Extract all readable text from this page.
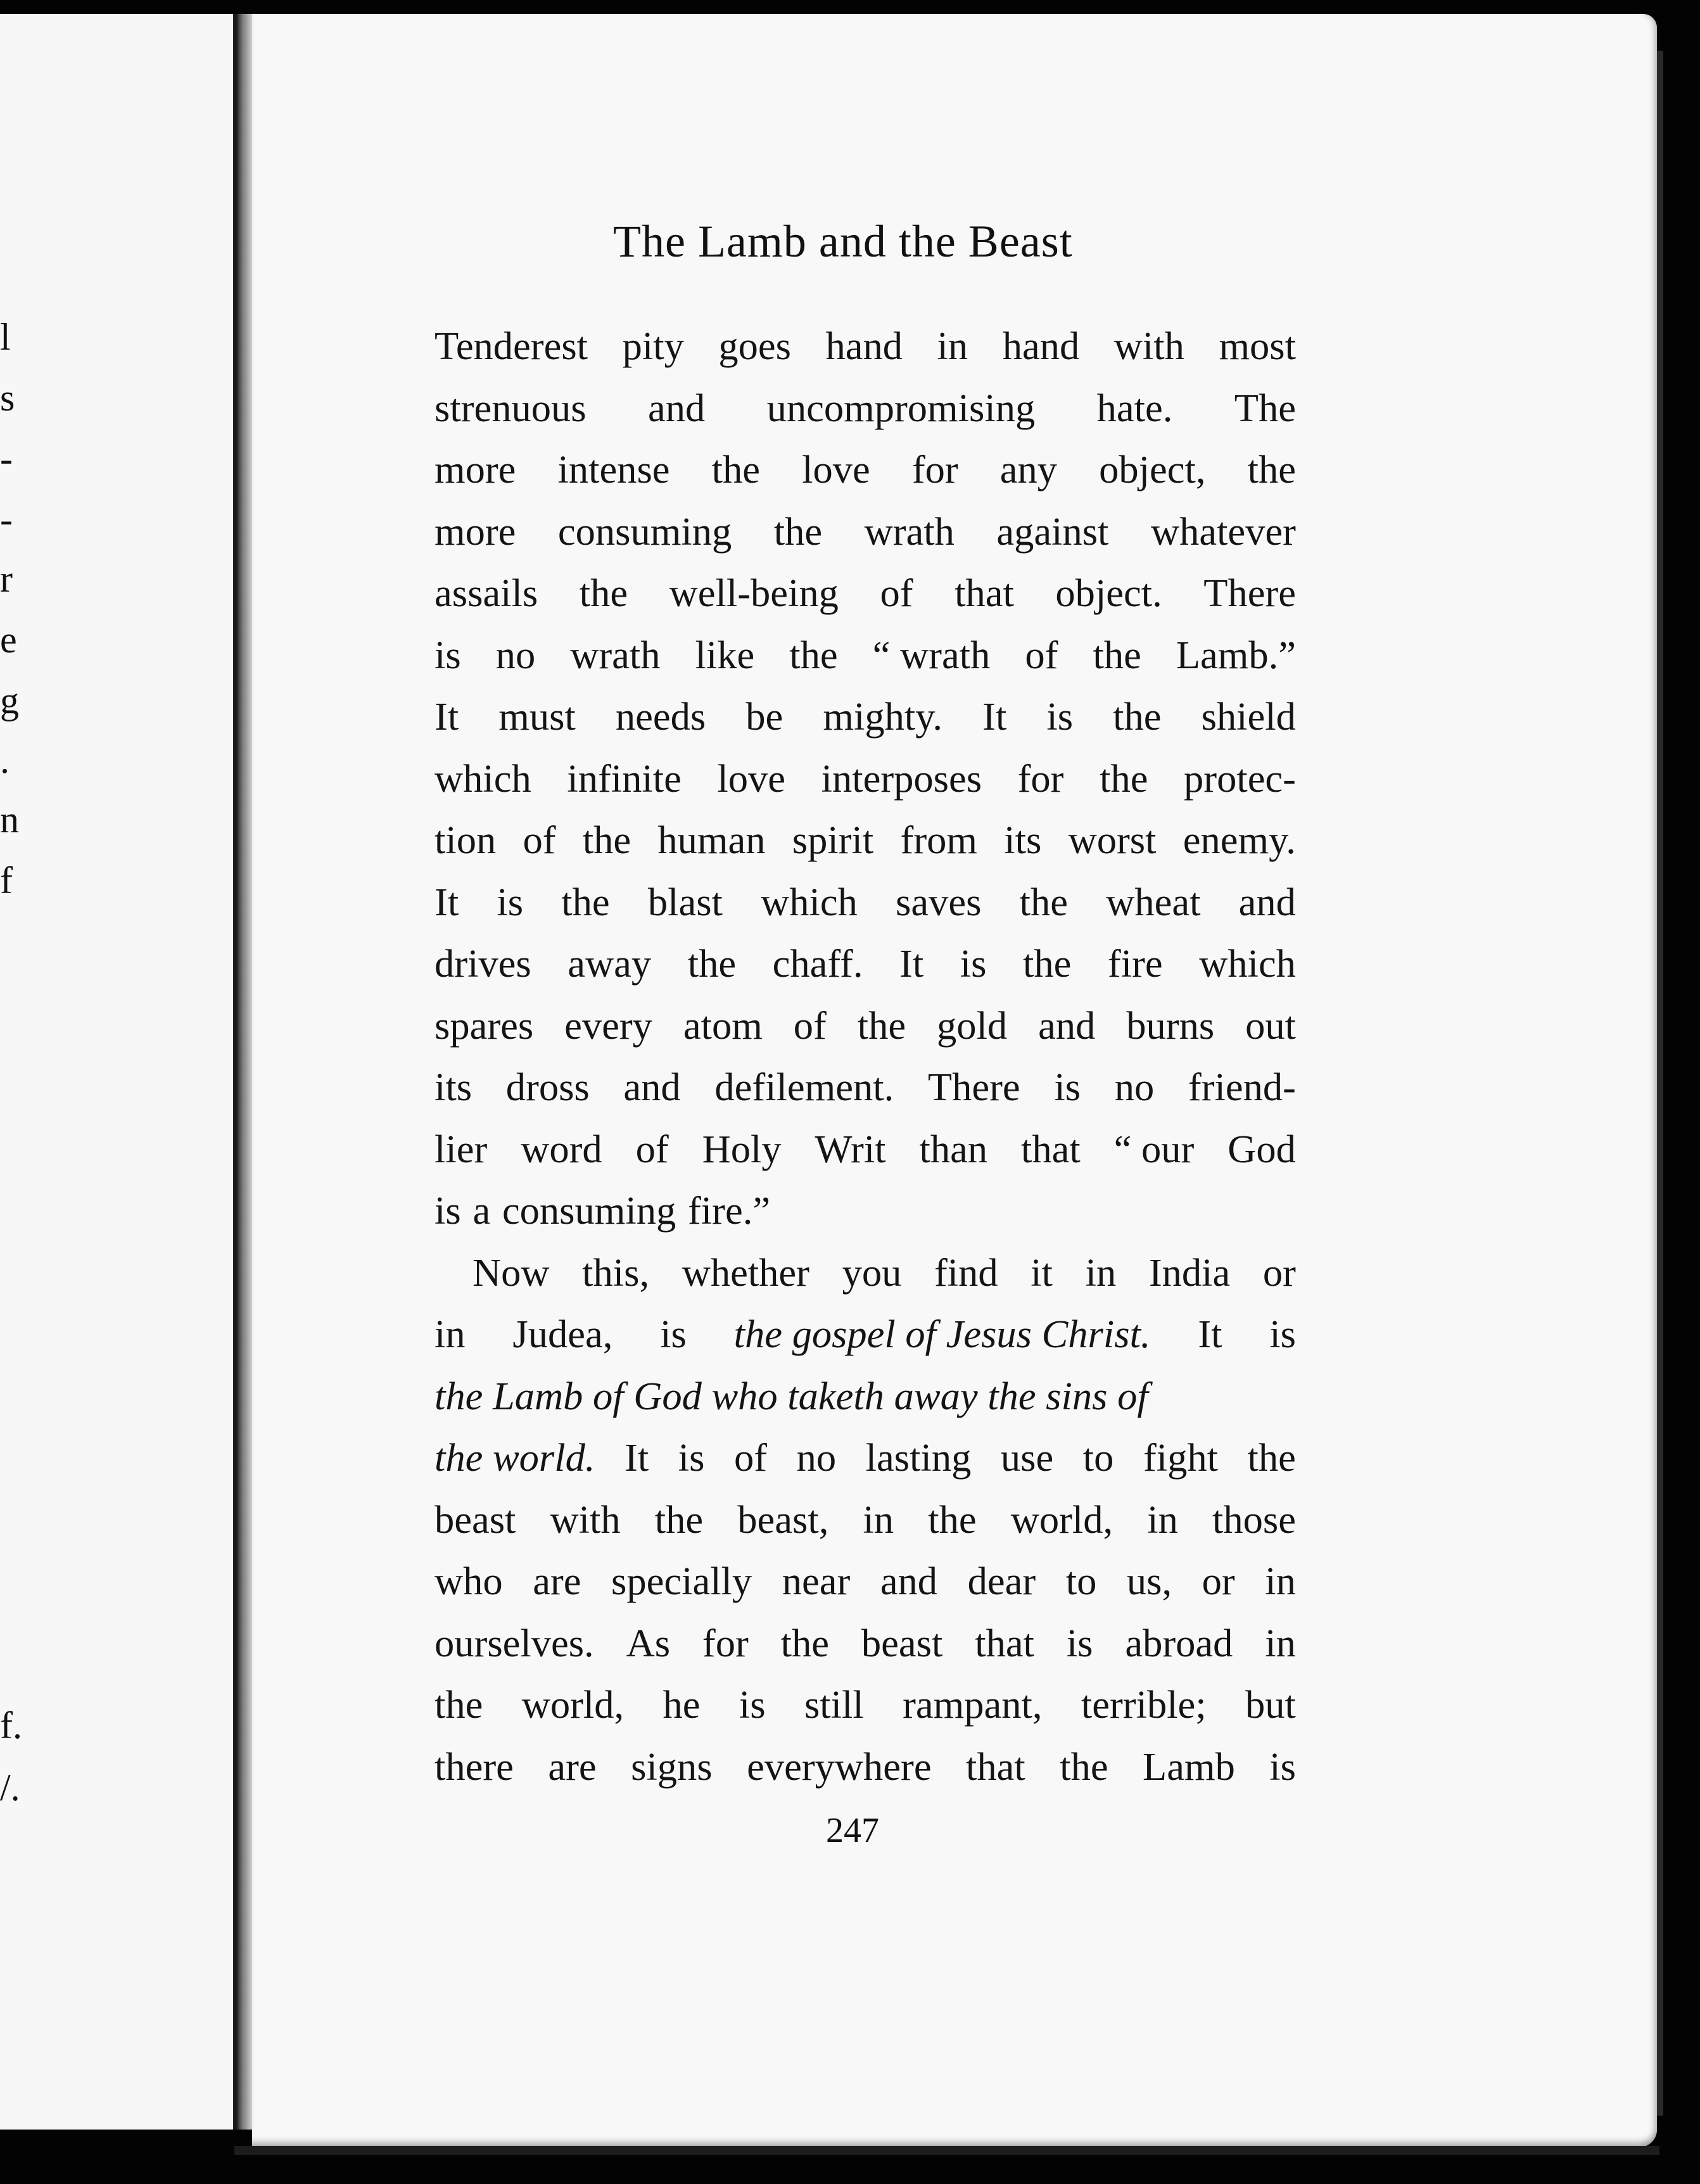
l
s
-
-
r
e
g
.
n
f
f.
/.
The Lamb and the Beast
Tenderest pity goes hand in hand with most
strenuous and uncompromising hate. The
more intense the love for any object, the
more consuming the wrath against whatever
assails the well-being of that object. There
is no wrath like the “ wrath of the Lamb.”
It must needs be mighty. It is the shield
which infinite love interposes for the protec-
tion of the human spirit from its worst enemy.
It is the blast which saves the wheat and
drives away the chaff. It is the fire which
spares every atom of the gold and burns out
its dross and defilement. There is no friend-
lier word of Holy Writ than that “ our God
is a consuming fire.”
Now this, whether you find it in India or
in Judea, is the gospel of Jesus Christ. It is
the Lamb of God who taketh away the sins of
the world. It is of no lasting use to fight the
beast with the beast, in the world, in those
who are specially near and dear to us, or in
ourselves. As for the beast that is abroad in
the world, he is still rampant, terrible; but
there are signs everywhere that the Lamb is
247
